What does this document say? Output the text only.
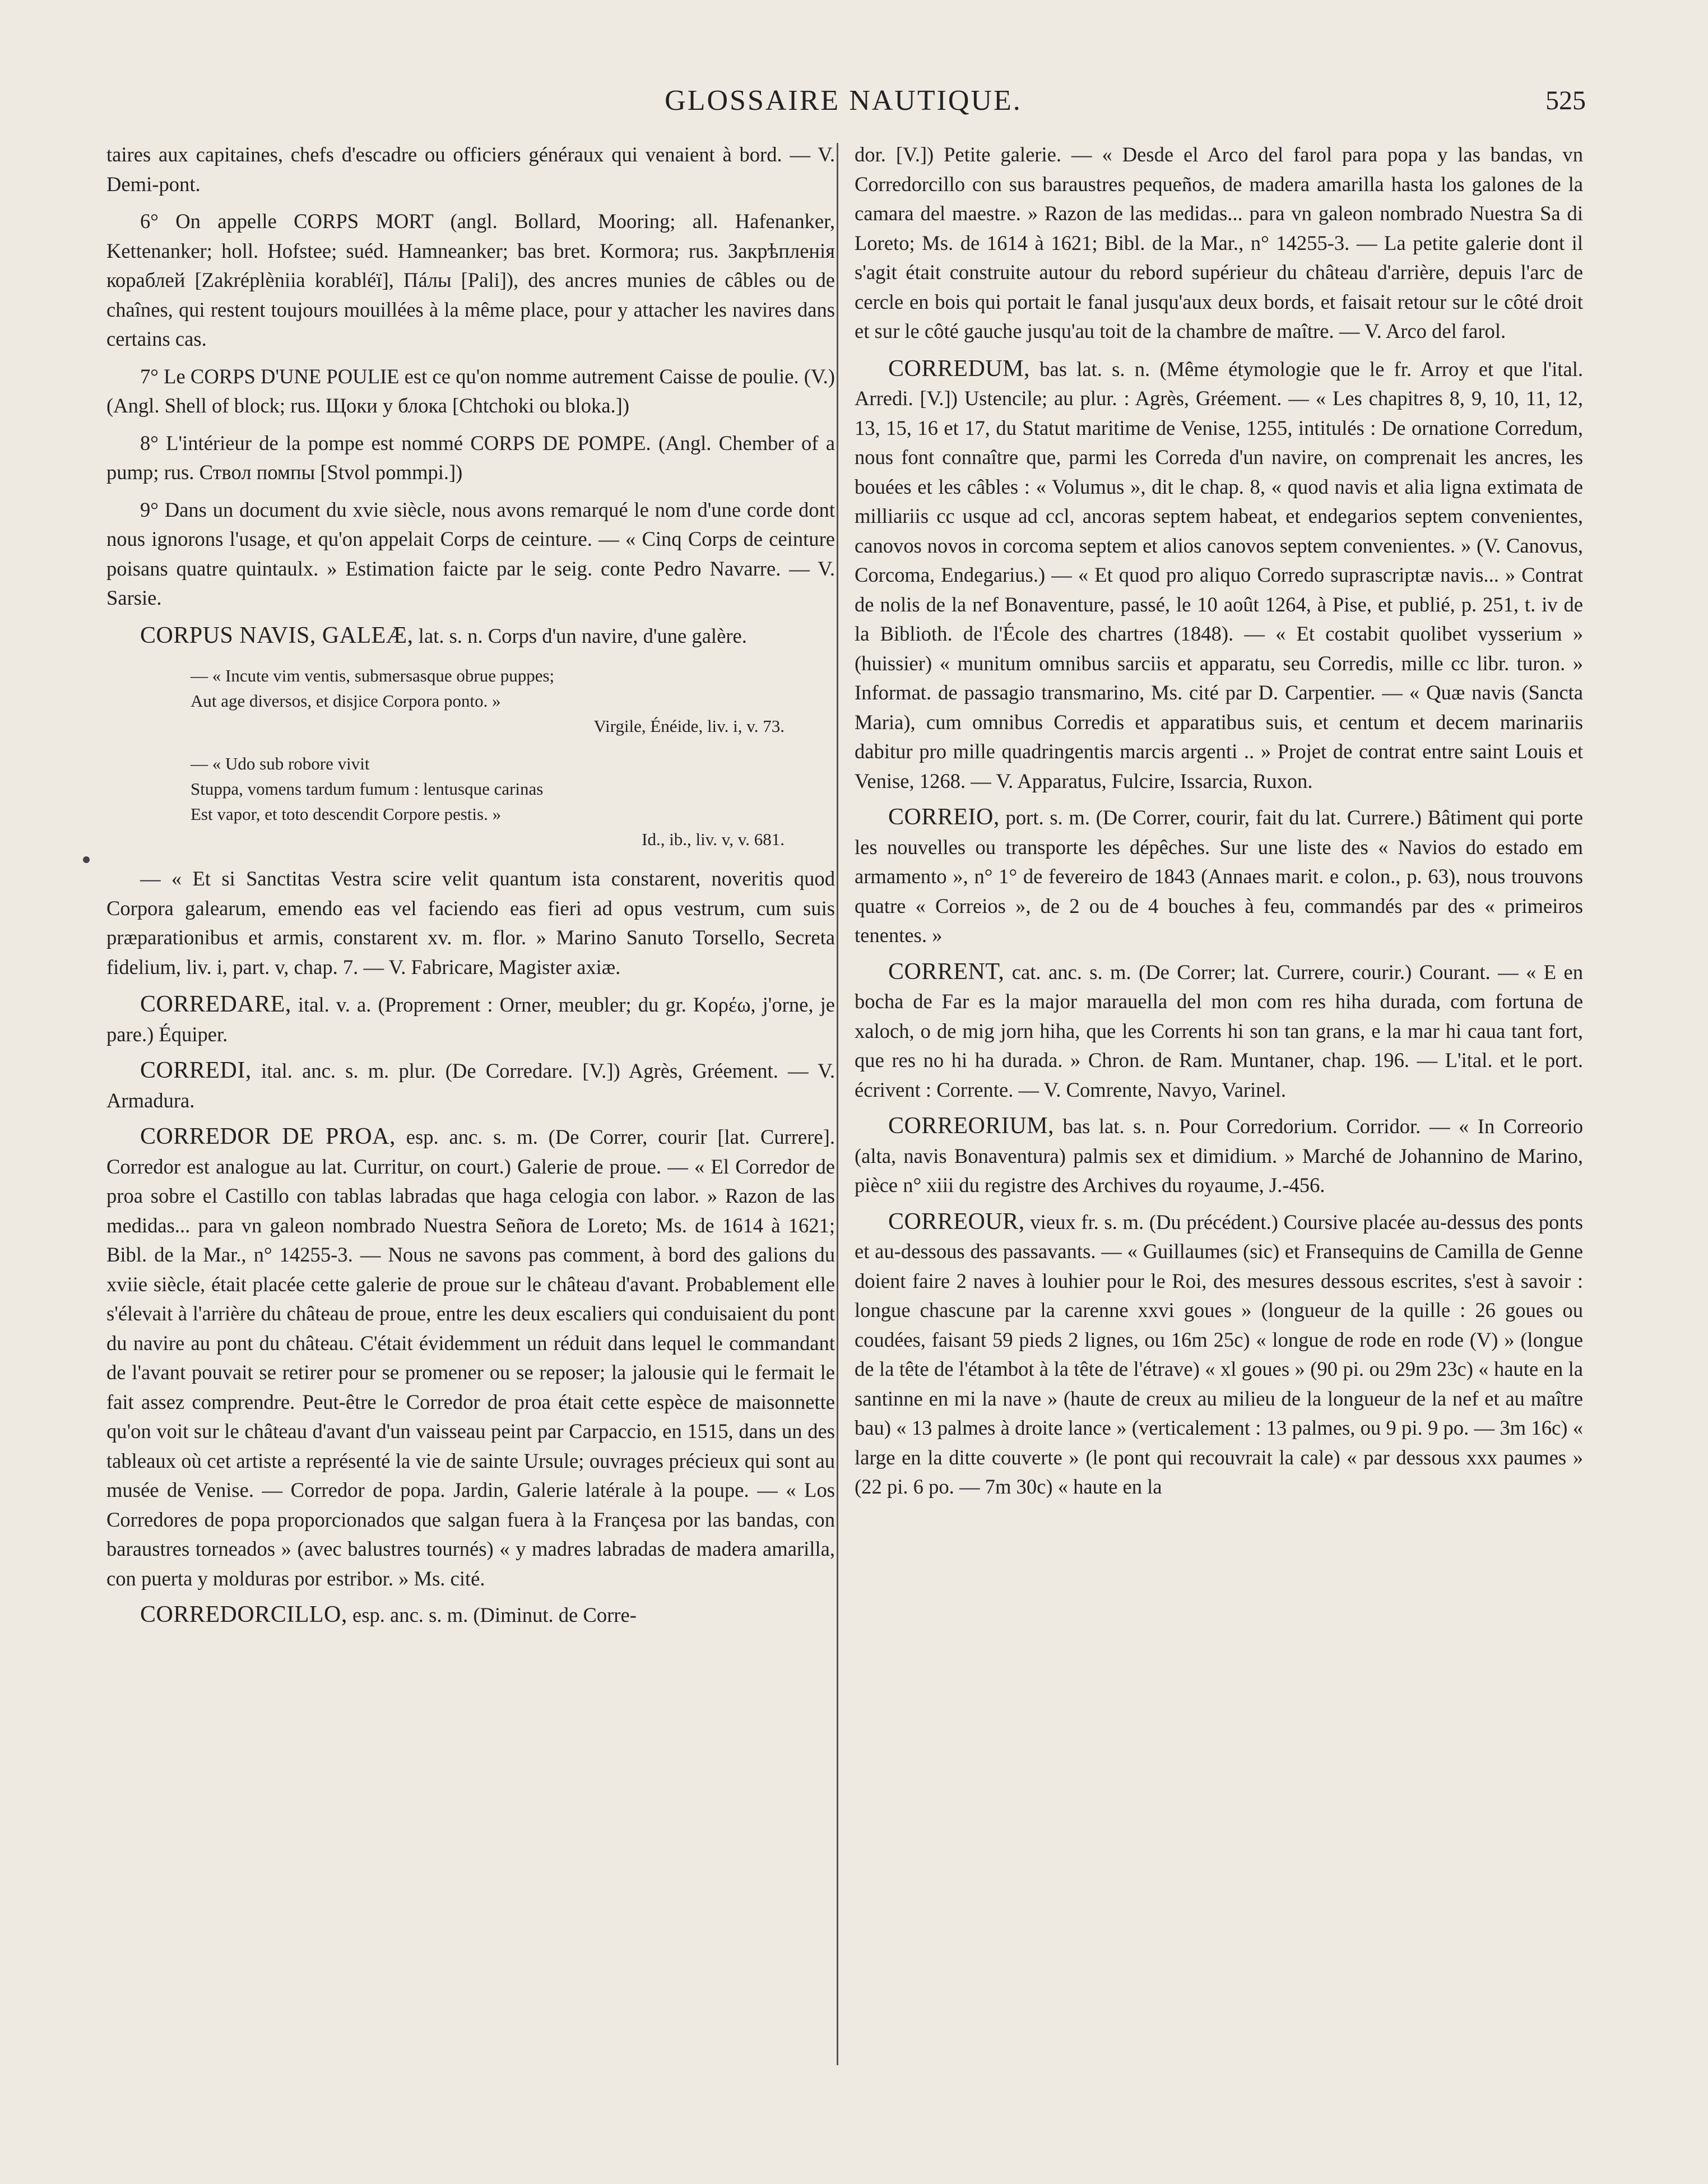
GLOSSAIRE NAUTIQUE.	525

taires aux capitaines, chefs d'escadre ou officiers généraux qui venaient à bord. — V. Demi-pont.

6° On appelle CORPS MORT (angl. Bollard, Mooring; all. Hafenanker, Kettenanker; holl. Hofstee; suéd. Hamneanker; bas bret. Kormora; rus. Закрѣпленiя кораблей [Zakréplèniia korabléï], Пáлы [Pali]), des ancres munies de câbles ou de chaînes, qui restent toujours mouillées à la même place, pour y attacher les navires dans certains cas.

7° Le CORPS D'UNE POULIE est ce qu'on nomme autrement Caisse de poulie. (V.) (Angl. Shell of block; rus. Щоки у блока [Chtchoki ou bloka.])

8° L'intérieur de la pompe est nommé CORPS DE POMPE. (Angl. Chember of a pump; rus. Ствол помпы [Stvol pommpi.])

9° Dans un document du xvie siècle, nous avons remarqué le nom d'une corde dont nous ignorons l'usage, et qu'on appelait Corps de ceinture. — « Cinq Corps de ceinture poisans quatre quintaulx. » Estimation faicte par le seig. conte Pedro Navarre. — V. Sarsie.

CORPUS NAVIS, GALEÆ, lat. s. n. Corps d'un navire, d'une galère.

— « Incute vim ventis, submersasque obrue puppes;
Aut age diversos, et disjice Corpora ponto. »
Virgile, Énéide, liv. i, v. 73.
— « Udo sub robore vivit
Stuppa, vomens tardum fumum : lentusque carinas
Est vapor, et toto descendit Corpore pestis. »
Id., ib., liv. v, v. 681.

— « Et si Sanctitas Vestra scire velit quantum ista constarent, noveritis quod Corpora galearum, emendo eas vel faciendo eas fieri ad opus vestrum, cum suis præparationibus et armis, constarent xv. m. flor. » Marino Sanuto Torsello, Secreta fidelium, liv. i, part. v, chap. 7. — V. Fabricare, Magister axiæ.

CORREDARE, ital. v. a. (Proprement : Orner, meubler; du gr. Κορέω, j'orne, je pare.) Équiper.

CORREDI, ital. anc. s. m. plur. (De Corredare. [V.]) Agrès, Gréement. — V. Armadura.

CORREDOR DE PROA, esp. anc. s. m. (De Correr, courir [lat. Currere]. Corredor est analogue au lat. Curritur, on court.) Galerie de proue. — « El Corredor de proa sobre el Castillo con tablas labradas que haga celogia con labor. » Razon de las medidas... para vn galeon nombrado Nuestra Señora de Loreto; Ms. de 1614 à 1621; Bibl. de la Mar., n° 14255-3. — Nous ne savons pas comment, à bord des galions du xviie siècle, était placée cette galerie de proue sur le château d'avant. Probablement elle s'élevait à l'arrière du château de proue, entre les deux escaliers qui conduisaient du pont du navire au pont du château. C'était évidemment un réduit dans lequel le commandant de l'avant pouvait se retirer pour se promener ou se reposer; la jalousie qui le fermait le fait assez comprendre. Peut-être le Corredor de proa était cette espèce de maisonnette qu'on voit sur le château d'avant d'un vaisseau peint par Carpaccio, en 1515, dans un des tableaux où cet artiste a représenté la vie de sainte Ursule; ouvrages précieux qui sont au musée de Venise. — Corredor de popa. Jardin, Galerie latérale à la poupe. — « Los Corredores de popa proporcionados que salgan fuera à la Françesa por las bandas, con baraustres torneados » (avec balustres tournés) « y madres labradas de madera amarilla, con puerta y molduras por estribor. » Ms. cité.

CORREDORCILLO, esp. anc. s. m. (Diminut. de Corre-

dor. [V.]) Petite galerie. — « Desde el Arco del farol para popa y las bandas, vn Corredorcillo con sus baraustres pequeños, de madera amarilla hasta los galones de la camara del maestre. » Razon de las medidas... para vn galeon nombrado Nuestra Sa di Loreto; Ms. de 1614 à 1621; Bibl. de la Mar., n° 14255-3. — La petite galerie dont il s'agit était construite autour du rebord supérieur du château d'arrière, depuis l'arc de cercle en bois qui portait le fanal jusqu'aux deux bords, et faisait retour sur le côté droit et sur le côté gauche jusqu'au toit de la chambre de maître. — V. Arco del farol.

CORREDUM, bas lat. s. n. (Même étymologie que le fr. Arroy et que l'ital. Arredi. [V.]) Ustencile; au plur. : Agrès, Gréement. — « Les chapitres 8, 9, 10, 11, 12, 13, 15, 16 et 17, du Statut maritime de Venise, 1255, intitulés : De ornatione Corredum, nous font connaître que, parmi les Correda d'un navire, on comprenait les ancres, les bouées et les câbles : « Volumus », dit le chap. 8, « quod navis et alia ligna extimata de milliariis cc usque ad ccl, ancoras septem habeat, et endegarios septem convenientes, canovos novos in corcoma septem et alios canovos septem convenientes. » (V. Canovus, Corcoma, Endegarius.) — « Et quod pro aliquo Corredo suprascriptæ navis... » Contrat de nolis de la nef Bonaventure, passé, le 10 août 1264, à Pise, et publié, p. 251, t. iv de la Biblioth. de l'École des chartres (1848). — « Et costabit quolibet vysserium » (huissier) « munitum omnibus sarciis et apparatu, seu Corredis, mille cc libr. turon. » Informat. de passagio transmarino, Ms. cité par D. Carpentier. — « Quæ navis (Sancta Maria), cum omnibus Corredis et apparatibus suis, et centum et decem marinariis dabitur pro mille quadringentis marcis argenti .. » Projet de contrat entre saint Louis et Venise, 1268. — V. Apparatus, Fulcire, Issarcia, Ruxon.

CORREIO, port. s. m. (De Correr, courir, fait du lat. Currere.) Bâtiment qui porte les nouvelles ou transporte les dépêches. Sur une liste des « Navios do estado em armamento », n° 1° de fevereiro de 1843 (Annaes marit. e colon., p. 63), nous trouvons quatre « Correios », de 2 ou de 4 bouches à feu, commandés par des « primeiros tenentes. »

CORRENT, cat. anc. s. m. (De Correr; lat. Currere, courir.) Courant. — « E en bocha de Far es la major marauella del mon com res hiha durada, com fortuna de xaloch, o de mig jorn hiha, que les Corrents hi son tan grans, e la mar hi caua tant fort, que res no hi ha durada. » Chron. de Ram. Muntaner, chap. 196. — L'ital. et le port. écrivent : Corrente. — V. Comrente, Navyo, Varinel.

CORREORIUM, bas lat. s. n. Pour Corredorium. Corridor. — « In Correorio (alta, navis Bonaventura) palmis sex et dimidium. » Marché de Johannino de Marino, pièce n° xiii du registre des Archives du royaume, J.-456.

CORREOUR, vieux fr. s. m. (Du précédent.) Coursive placée au-dessus des ponts et au-dessous des passavants. — « Guillaumes (sic) et Fransequins de Camilla de Genne doient faire 2 naves à louhier pour le Roi, des mesures dessous escrites, s'est à savoir : longue chascune par la carenne xxvi goues » (longueur de la quille : 26 goues ou coudées, faisant 59 pieds 2 lignes, ou 16m 25c) « longue de rode en rode (V) » (longue de la tête de l'étambot à la tête de l'étrave) « xl goues » (90 pi. ou 29m 23c) « haute en la santinne en mi la nave » (haute de creux au milieu de la longueur de la nef et au maître bau) « 13 palmes à droite lance » (verticalement : 13 palmes, ou 9 pi. 9 po. — 3m 16c) « large en la ditte couverte » (le pont qui recouvrait la cale) « par dessous xxx paumes » (22 pi. 6 po. — 7m 30c) « haute en la
